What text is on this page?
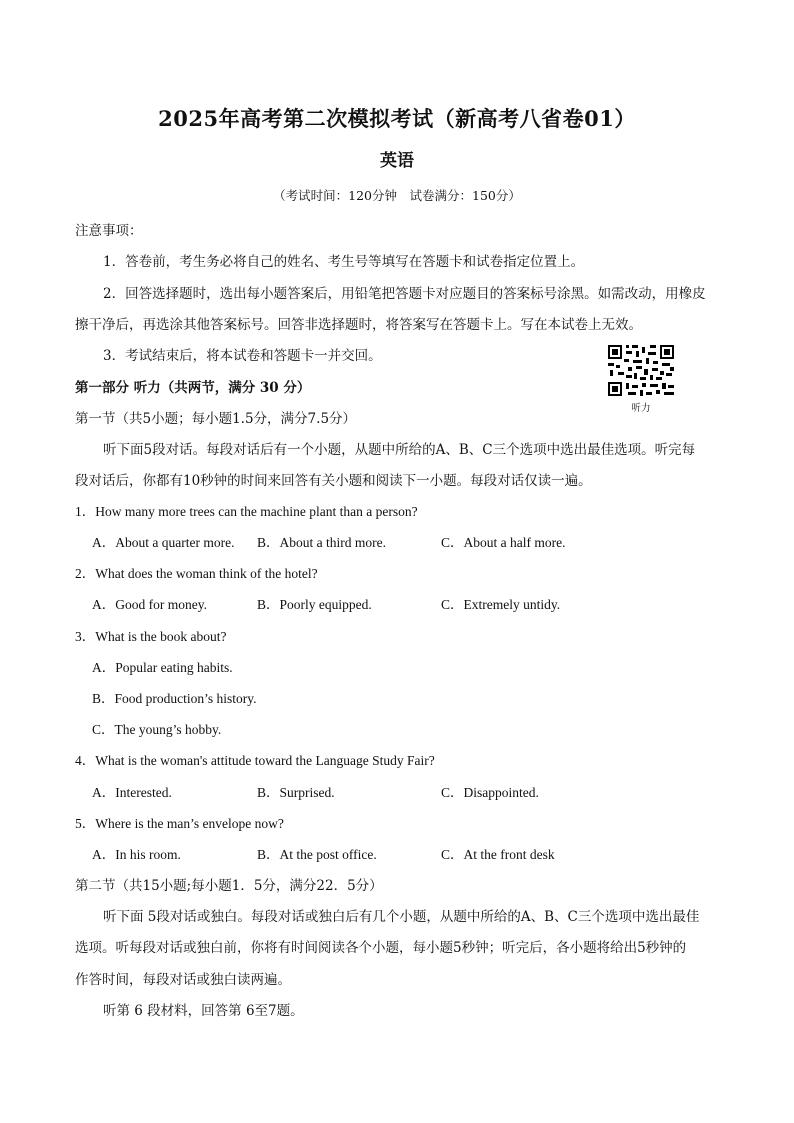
2025年高考第二次模拟考试（新高考八省卷01）
英语
（考试时间：120分钟　试卷满分：150分）
注意事项：
1．答卷前，考生务必将自己的姓名、考生号等填写在答题卡和试卷指定位置上。
2．回答选择题时，选出每小题答案后，用铅笔把答题卡对应题目的答案标号涂黑。如需改动，用橡皮
擦干净后，再选涂其他答案标号。回答非选择题时，将答案写在答题卡上。写在本试卷上无效。
3．考试结束后，将本试卷和答题卡一并交回。
听力
第一部分 听力（共两节，满分 30 分）
第一节（共5小题；每小题1.5分，满分7.5分）
听下面5段对话。每段对话后有一个小题，从题中所给的A、B、C三个选项中选出最佳选项。听完每
段对话后，你都有10秒钟的时间来回答有关小题和阅读下一小题。每段对话仅读一遍。
1．How many more trees can the machine plant than a person?
A．About a quarter more. B．About a third more.	C．About a half more.
2．What does the woman think of the hotel?
A．Good for money.	B．Poorly equipped.	C．Extremely untidy.
3．What is the book about?
A．Popular eating habits.
B．Food production’s history.
C．The young’s hobby.
4．What is the woman's attitude toward the Language Study Fair?
A．Interested.	B．Surprised.	C．Disappointed.
5．Where is the man’s envelope now?
A．In his room.	B．At the post office.	C．At the front desk
第二节（共15小题;每小题1．5分，满分22．5分）
听下面 5段对话或独白。每段对话或独白后有几个小题，从题中所给的A、B、C三个选项中选出最佳
选项。听每段对话或独白前，你将有时间阅读各个小题，每小题5秒钟；听完后，各小题将给出5秒钟的
作答时间，每段对话或独白读两遍。
听第 6 段材料，回答第 6至7题。
